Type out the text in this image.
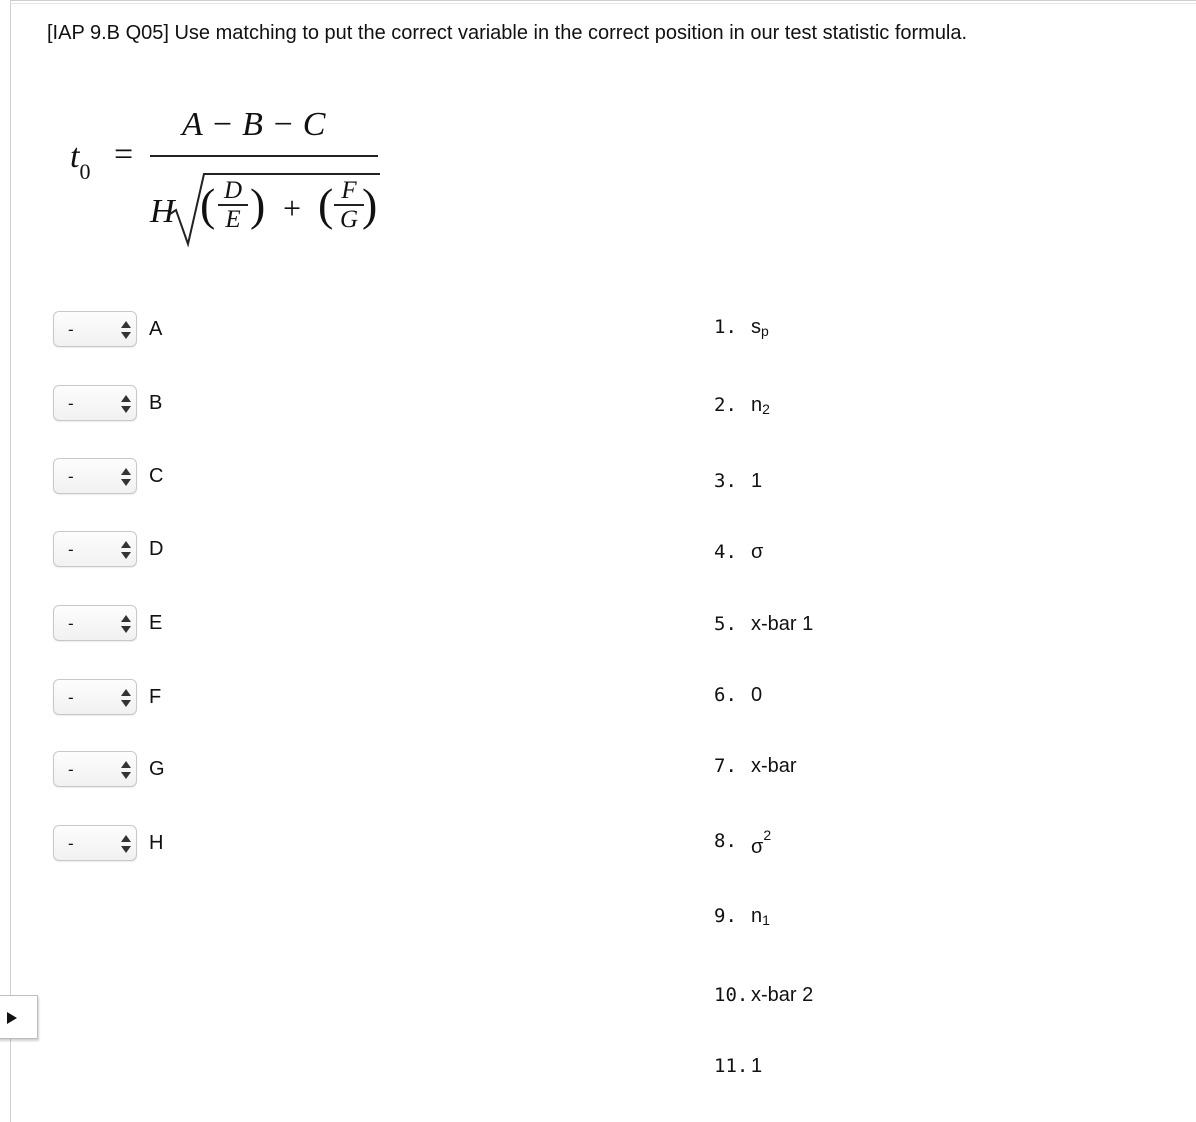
[IAP 9.B Q05] Use matching to put the correct variable in the correct position in our test statistic formula.
$t_0$ =
A − B − C
H ( D
E ) + ( F
G )
-	A
-	B
-	C
-	D
-	E
-	F
-	G
-	H
1. $s_p$
2. $n_2$
3. 1
4. σ
5. x-bar 1
6. 0
7. x-bar
8. $\sigma^2$
9. $n_1$
10. x-bar 2
11. 1
